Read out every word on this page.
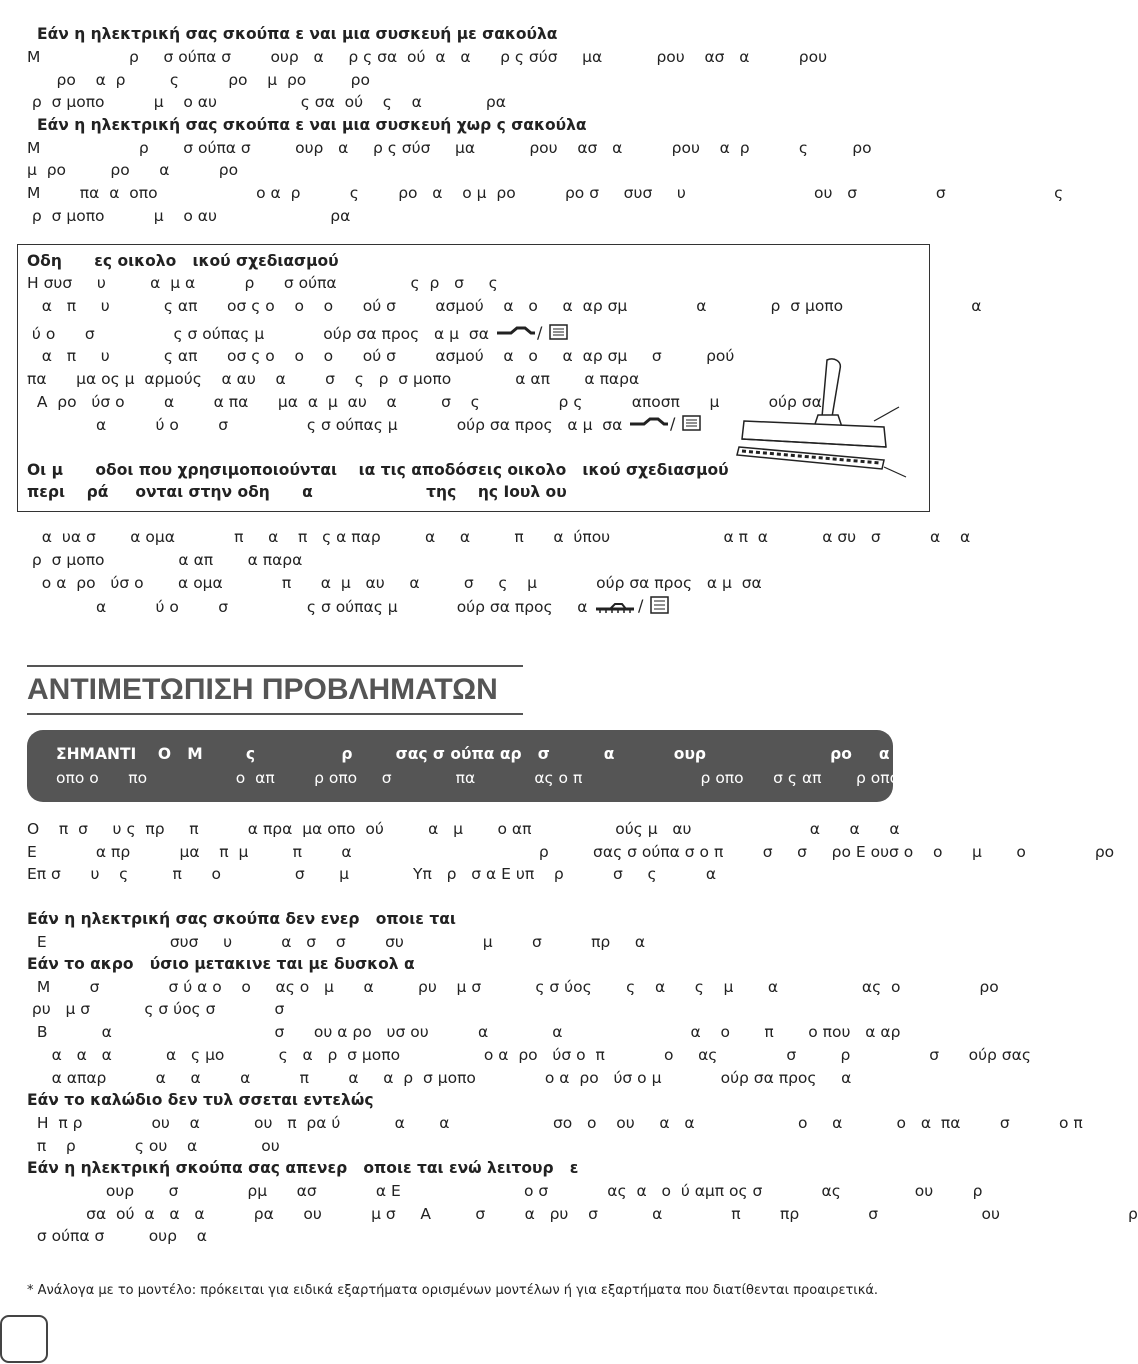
Εάν η ηλεκτρική σας σκούπα ε ναι μια συσκευή με σακούλα
Μ                  ρ     σ ούπα σ        ουρ   α     ρ ς σα  ού  α   α      ρ ς σύσ     μα           ρου    ασ   α          ρου
ρο    α  ρ         ς          ρο    μ  ρο         ρο
ρ  σ μοπο          μ    ο αυ                 ς σα  ού    ς    α             ρα
Εάν η ηλεκτρική σας σκούπα ε ναι μια συσκευή χωρ ς σακούλα
Μ                    ρ       σ ούπα σ         ουρ   α     ρ ς σύσ     μα           ρου    ασ   α          ρου    α  ρ          ς         ρο
μ  ρο         ρο      α          ρο
Μ        πα  α  οπο                    ο α  ρ          ς        ρο   α    ο μ  ρο          ρο σ     συσ     υ                          ου   σ                σ                      ς
ρ  σ μοπο          μ    ο αυ                       ρα
Οδη      ες οικολο   ικού σχεδιασμού
Η συσ     υ         α  μ α          ρ      σ ούπα               ς  ρ   σ     ς
α   π     υ           ς απ      οσ ς ο    ο    ο      ού σ        ασμού    α   ο     α  αρ σμ              α             ρ  σ μοπο                          α
ύ ο      σ                ς σ ούπας μ            ούρ σα προς   α μ  σα	/
α   π     υ           ς απ      οσ ς ο    ο    ο      ού σ        ασμού    α   ο     α  αρ σμ     σ         ρού
πα      μα ος μ  αρμούς    α αυ    α        σ    ς   ρ  σ μοπο             α απ       α παρα
Α  ρο   ύσ ο        α        α πα      μα  α  μ  αυ    α         σ    ς                ρ ς          αποσπ      μ          ούρ σα
α          ύ ο        σ                ς σ ούπας μ            ούρ σα προς   α μ  σα	/
Οι μ      οδοι που χρησιμοποιούνται    ια τις αποδόσεις οικολο   ικού σχεδιασμού
περι    ρά     ονται στην οδη      α                     της    ης Ιουλ ου
α  υα σ       α ομα            π     α    π   ς α παρ         α     α         π      α  ύπου                       α π  α           α συ   σ          α    α
ρ  σ μοπο               α απ       α παρα
ο α  ρο   ύσ ο       α ομα            π      α  μ   αυ     α         σ     ς    μ            ούρ σα προς   α μ  σα
α          ύ ο        σ                ς σ ούπας μ            ούρ σα προς     α	/
ΑΝΤΙΜΕΤΩΠΙΣΗ ΠΡΟΒΛΗΜΑΤΩΝ
ΣΗΜΑΝΤΙ    Ο   Μ        ς                ρ        σας σ ούπα αρ   σ          α           ουρ                       ρο     α         α  πρ     απ
οπο ο      πο                  ο  απ        ρ οπο     σ             πα            ας ο π                        ρ οπο      σ ς απ       ρ οπο      σ    ς
Ο    π  σ     υ ς  πρ     π          α πρα  μα οπο  ού         α   μ       ο απ                 ούς μ   αυ                        α      α      α
Ε            α πρ          μα    π  μ         π        α                                      ρ         σας σ ούπα σ ο π        σ     σ     ρο Ε ουσ ο    ο      μ       ο              ρο
Επ σ      υ    ς         π      ο               σ       μ             Υπ   ρ   σ α Ε υπ    ρ          σ     ς          α
Εάν η ηλεκτρική σας σκούπα δεν ενερ   οποιε ται
Ε                         συσ     υ          α   σ    σ        συ                μ        σ          πρ     α
Εάν το ακρο   ύσιο μετακινε ται με δυσκολ α
Μ        σ              σ ύ α ο    ο     ας ο   μ      α         ρυ    μ σ           ς σ ύος       ς    α      ς    μ       α                 ας  ο                ρο
ρυ   μ σ           ς σ ύος σ            σ
Β           α                                 σ      ου α ρο   υσ ου          α             α                          α    ο       π       ο που   α αρ
α   α   α           α   ς μο           ς   α   ρ  σ μοπο                 ο α  ρο   ύσ ο  π            ο     ας              σ         ρ                σ      ούρ σας
α απαρ          α     α        α          π        α     α  ρ  σ μοπο              ο α  ρο   ύσ ο μ            ούρ σα προς     α
Εάν το καλώδιο δεν τυλ σσεται εντελώς
Η  π ρ              ου    α           ου   π  ρα ύ           α       α                     σο   ο    ου     α   α                     ο     α           ο   α  πα        σ          ο π
π    ρ            ς ου    α             ου
Εάν η ηλεκτρική σκούπα σας απενερ   οποιε ται ενώ λειτουρ   ε
ουρ       σ              ρμ      ασ            α Ε                         ο σ            ας  α   ο  ύ αμπ ος σ            ας               ου        ρ
σα  ού  α   α   α          ρα      ου          μ σ     Α         σ        α   ρυ    σ           α              π        πρ              σ                     ου                          ρ
σ ούπα σ         ουρ    α
* Ανάλογα με το μοντέλο: πρόκειται για ειδικά εξαρτήματα ορισμένων μοντέλων ή για εξαρτήματα που διατίθενται προαιρετικά.
